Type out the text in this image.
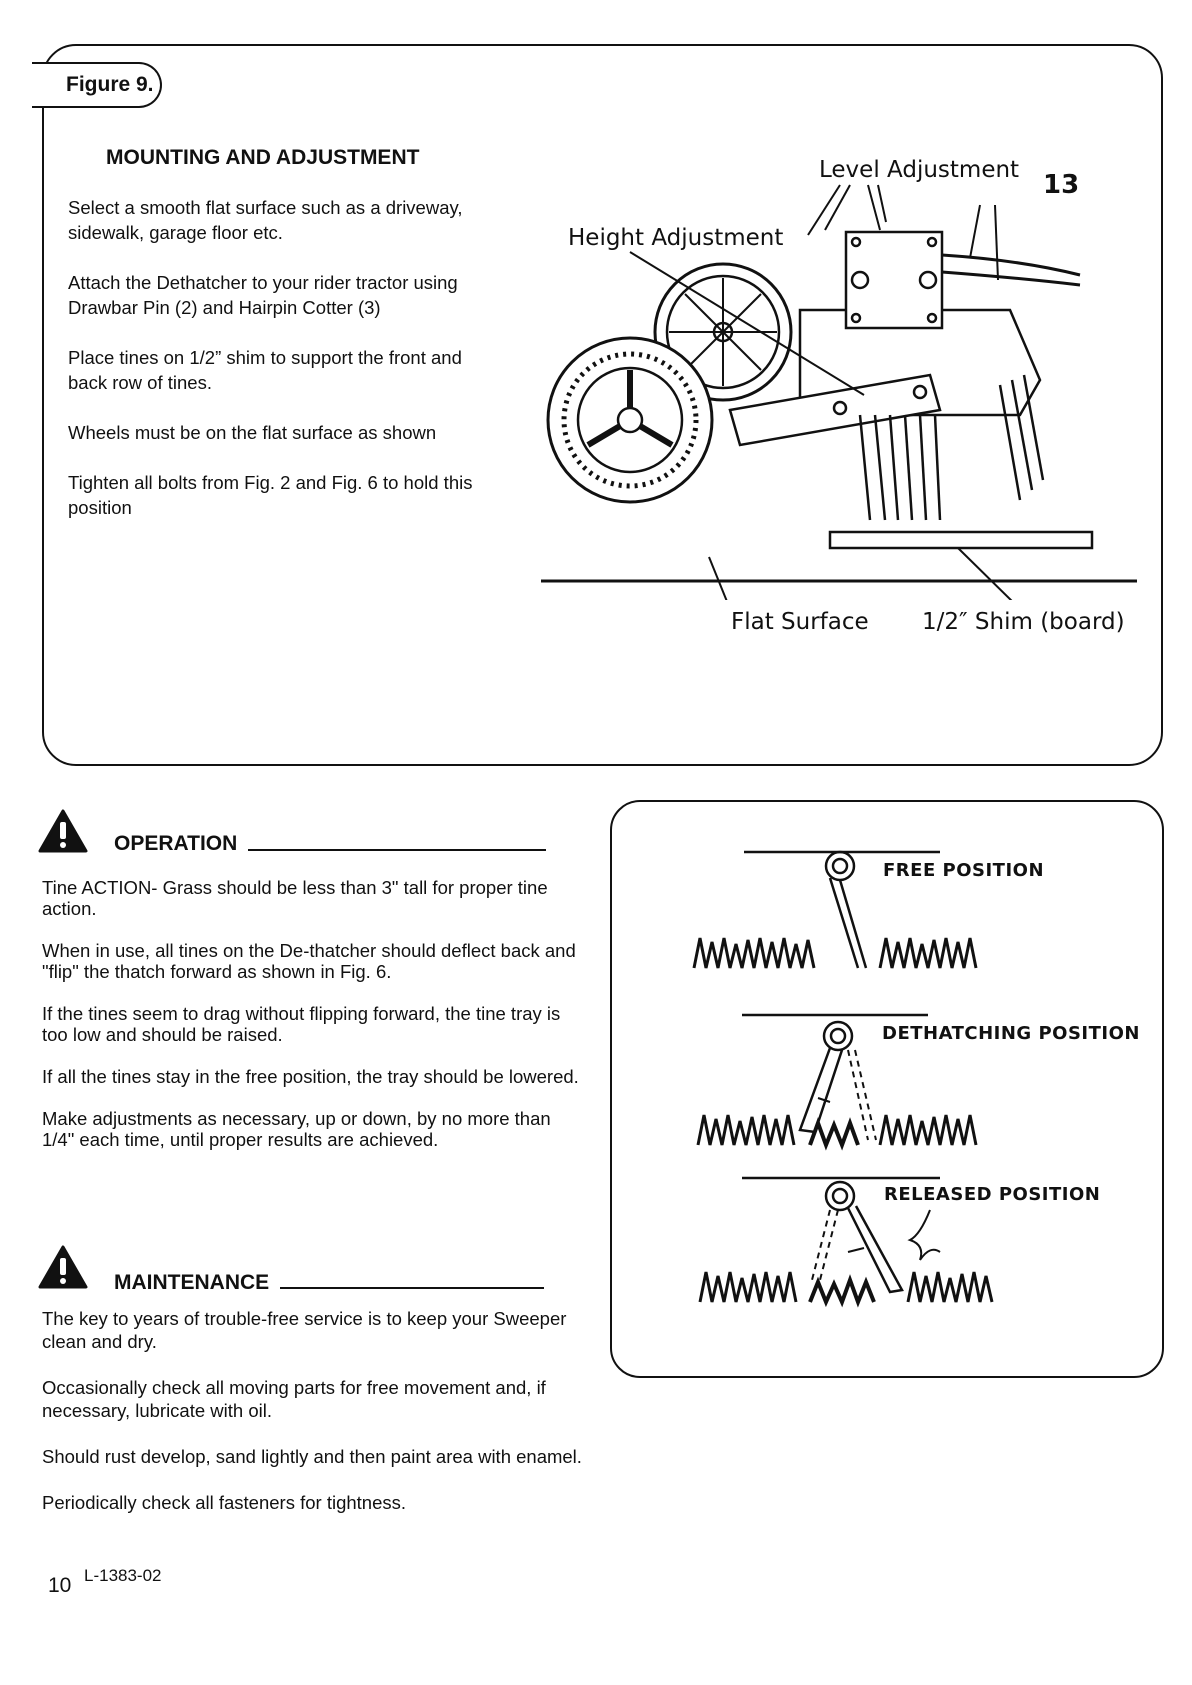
Figure 9.
MOUNTING AND ADJUSTMENT

Select a smooth flat surface such as a driveway,
sidewalk, garage floor etc.

Attach the Dethatcher to your rider tractor using
Drawbar Pin (2) and Hairpin Cotter (3)

Place tines on 1/2” shim to support the front and
back row of tines.

Wheels must be on the flat surface as shown

Tighten all bolts from Fig. 2 and Fig. 6 to hold this
position

Level Adjustment 13
Height Adjustment
Flat Surface 1/2″ Shim (board)
OPERATION

Tine ACTION- Grass should be less than 3" tall for proper tine action.

When in use, all tines on the De-thatcher should deflect back and "flip" the thatch forward as shown in Fig. 6.

If the tines seem to drag without flipping forward, the tine tray is too low and should be raised.

If all the tines stay in the free position, the tray should be lowered.

Make adjustments as necessary, up or down, by no more than 1/4" each time, until proper results are achieved.

FREE POSITION
DETHATCHING POSITION
RELEASED POSITION
MAINTENANCE

The key to years of trouble-free service is to keep your Sweeper clean and dry.

Occasionally check all moving parts for free movement and, if necessary, lubricate with oil.

Should rust develop, sand lightly and then paint area with enamel.

Periodically check all fasteners for tightness.

10 L-1383-02
